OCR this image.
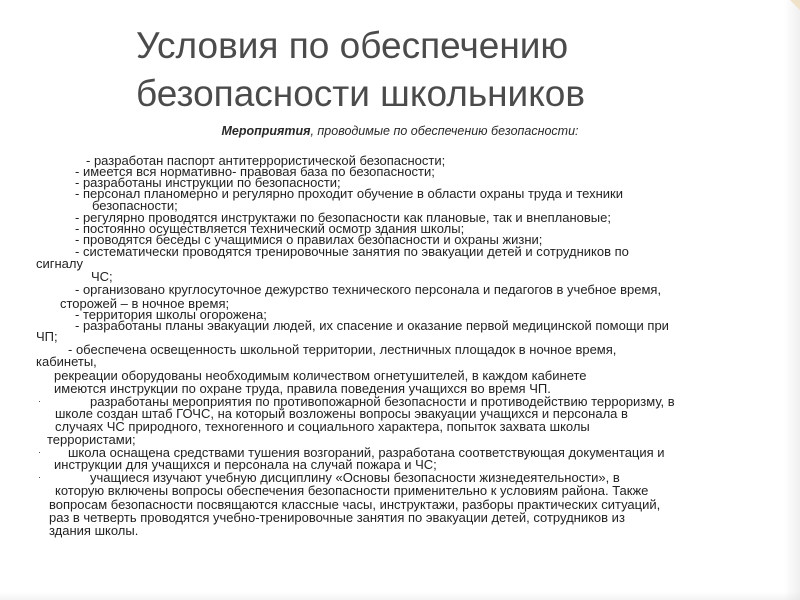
Условия по обеспечению
безопасности школьников
Мероприятия, проводимые по обеспечению безопасности:
- разработан паспорт антитеррористической безопасности;
- имеется вся нормативно- правовая база по безопасности;
- разработаны инструкции по безопасности;
- персонал планомерно и регулярно проходит обучение в области охраны труда и техники
безопасности;
- регулярно проводятся инструктажи по безопасности как плановые, так и внеплановые;
- постоянно осуществляется технический осмотр здания школы;
- проводятся беседы с учащимися о правилах безопасности и охраны жизни;
- систематически проводятся тренировочные занятия по эвакуации детей и сотрудников по
сигналу
ЧС;
- организовано круглосуточное дежурство технического персонала и педагогов в учебное время,
сторожей – в ночное время;
- территория школы огорожена;
- разработаны планы эвакуации людей, их спасение и оказание первой медицинской помощи при
ЧП;
- обеспечена освещенность школьной территории, лестничных площадок в ночное время,
кабинеты,
рекреации оборудованы необходимым количеством огнетушителей, в каждом кабинете
имеются инструкции по охране труда, правила поведения учащихся во время ЧП.
·	разработаны мероприятия по противопожарной безопасности и противодействию терроризму, в
школе создан штаб ГОЧС, на который возложены вопросы эвакуации учащихся и персонала в
случаях ЧС природного, техногенного и социального характера, попыток захвата школы
террористами;
· школа оснащена средствами тушения возгораний, разработана соответствующая документация и
инструкции для учащихся и персонала на случай пожара и ЧС;
·	учащиеся изучают учебную дисциплину «Основы безопасности жизнедеятельности», в
которую включены вопросы обеспечения безопасности применительно к условиям района. Также
вопросам безопасности посвящаются классные часы, инструктажи, разборы практических ситуаций,
раз в четверть проводятся учебно-тренировочные занятия по эвакуации детей, сотрудников из
здания школы.
